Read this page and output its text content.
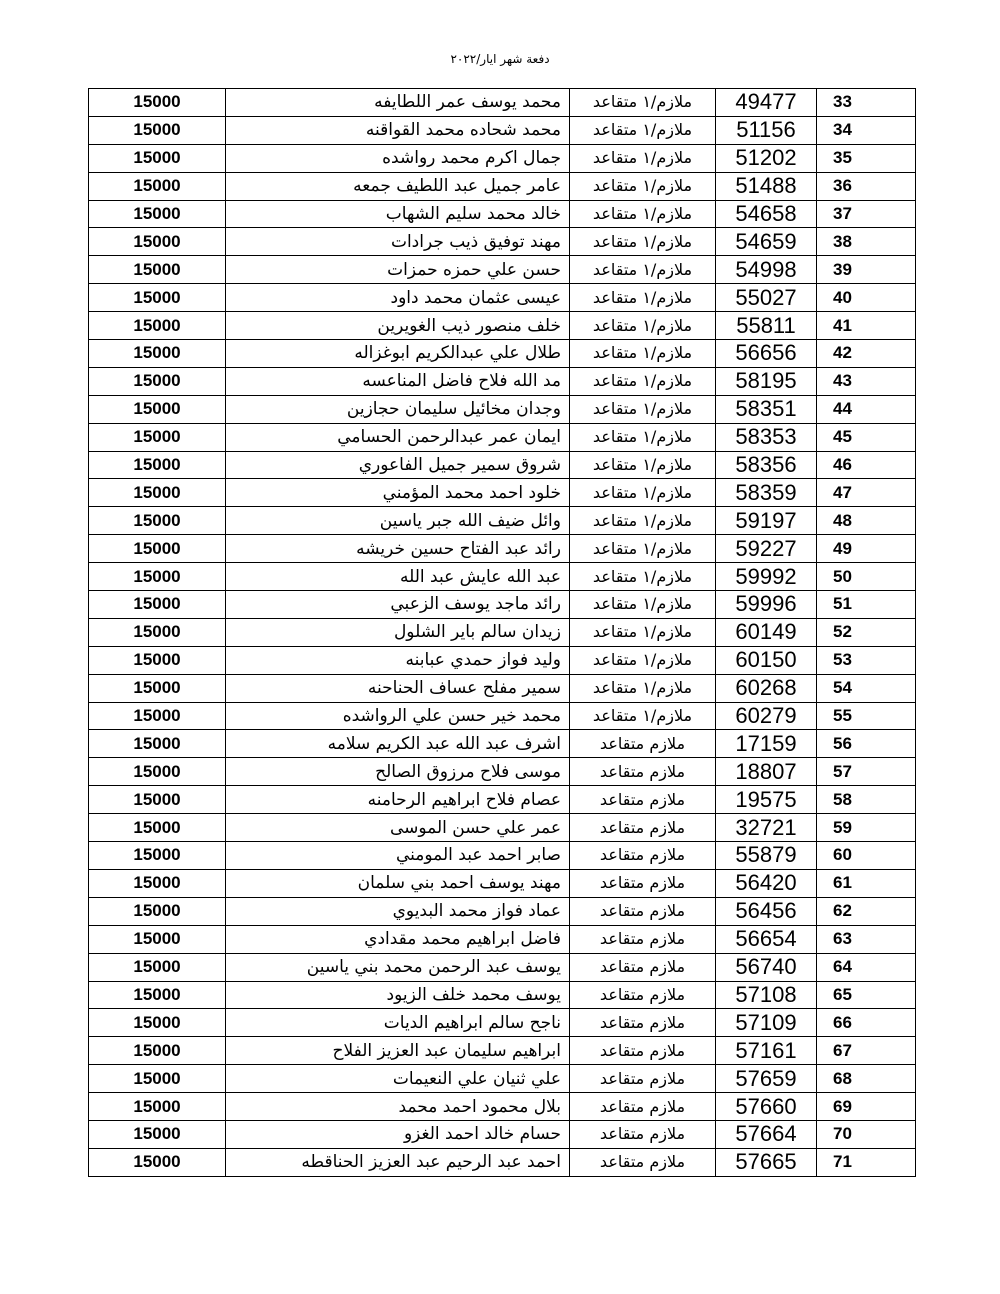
دفعة شهر ايار/٢٠٢٢
33	49477	ملازم/١ متقاعد	محمد يوسف عمر اللطايفه	15000
34	51156	ملازم/١ متقاعد	محمد شحاده محمد القواقنه	15000
35	51202	ملازم/١ متقاعد	جمال اكرم محمد رواشده	15000
36	51488	ملازم/١ متقاعد	عامر جميل عبد اللطيف جمعه	15000
37	54658	ملازم/١ متقاعد	خالد محمد سليم الشهاب	15000
38	54659	ملازم/١ متقاعد	مهند توفيق ذيب جرادات	15000
39	54998	ملازم/١ متقاعد	حسن علي حمزه حمزات	15000
40	55027	ملازم/١ متقاعد	عيسى عثمان محمد داود	15000
41	55811	ملازم/١ متقاعد	خلف منصور ذيب الغويرين	15000
42	56656	ملازم/١ متقاعد	طلال علي عبدالكريم ابوغزاله	15000
43	58195	ملازم/١ متقاعد	مد الله فلاح فاضل المناعسه	15000
44	58351	ملازم/١ متقاعد	وجدان مخائيل سليمان حجازين	15000
45	58353	ملازم/١ متقاعد	ايمان عمر عبدالرحمن الحسامي	15000
46	58356	ملازم/١ متقاعد	شروق سمير جميل الفاعوري	15000
47	58359	ملازم/١ متقاعد	خلود احمد محمد المؤمني	15000
48	59197	ملازم/١ متقاعد	وائل ضيف الله جبر ياسين	15000
49	59227	ملازم/١ متقاعد	رائد عبد الفتاح حسين خريشه	15000
50	59992	ملازم/١ متقاعد	عبد الله عايش عبد الله	15000
51	59996	ملازم/١ متقاعد	رائد ماجد يوسف الزعبي	15000
52	60149	ملازم/١ متقاعد	زيدان سالم باير الشلول	15000
53	60150	ملازم/١ متقاعد	وليد فواز حمدي عبابنه	15000
54	60268	ملازم/١ متقاعد	سمير مفلح عساف الحناحنه	15000
55	60279	ملازم/١ متقاعد	محمد خير حسن علي الرواشده	15000
56	17159	ملازم متقاعد	اشرف عبد الله عبد الكريم سلامه	15000
57	18807	ملازم متقاعد	موسى فلاح مرزوق الصالح	15000
58	19575	ملازم متقاعد	عصام فلاح ابراهيم الرحامنه	15000
59	32721	ملازم متقاعد	عمر علي حسن الموسى	15000
60	55879	ملازم متقاعد	صابر احمد عبد المومني	15000
61	56420	ملازم متقاعد	مهند يوسف احمد بني سلمان	15000
62	56456	ملازم متقاعد	عماد فواز محمد البديوي	15000
63	56654	ملازم متقاعد	فاضل ابراهيم محمد مقدادي	15000
64	56740	ملازم متقاعد	يوسف عبد الرحمن محمد بني ياسين	15000
65	57108	ملازم متقاعد	يوسف محمد خلف الزيود	15000
66	57109	ملازم متقاعد	ناجح سالم ابراهيم الديات	15000
67	57161	ملازم متقاعد	ابراهيم سليمان عبد العزيز الفلاح	15000
68	57659	ملازم متقاعد	علي ثنيان علي النعيمات	15000
69	57660	ملازم متقاعد	بلال محمود احمد محمد	15000
70	57664	ملازم متقاعد	حسام خالد احمد الغزو	15000
71	57665	ملازم متقاعد	احمد عبد الرحيم عبد العزيز الحناقطه	15000
